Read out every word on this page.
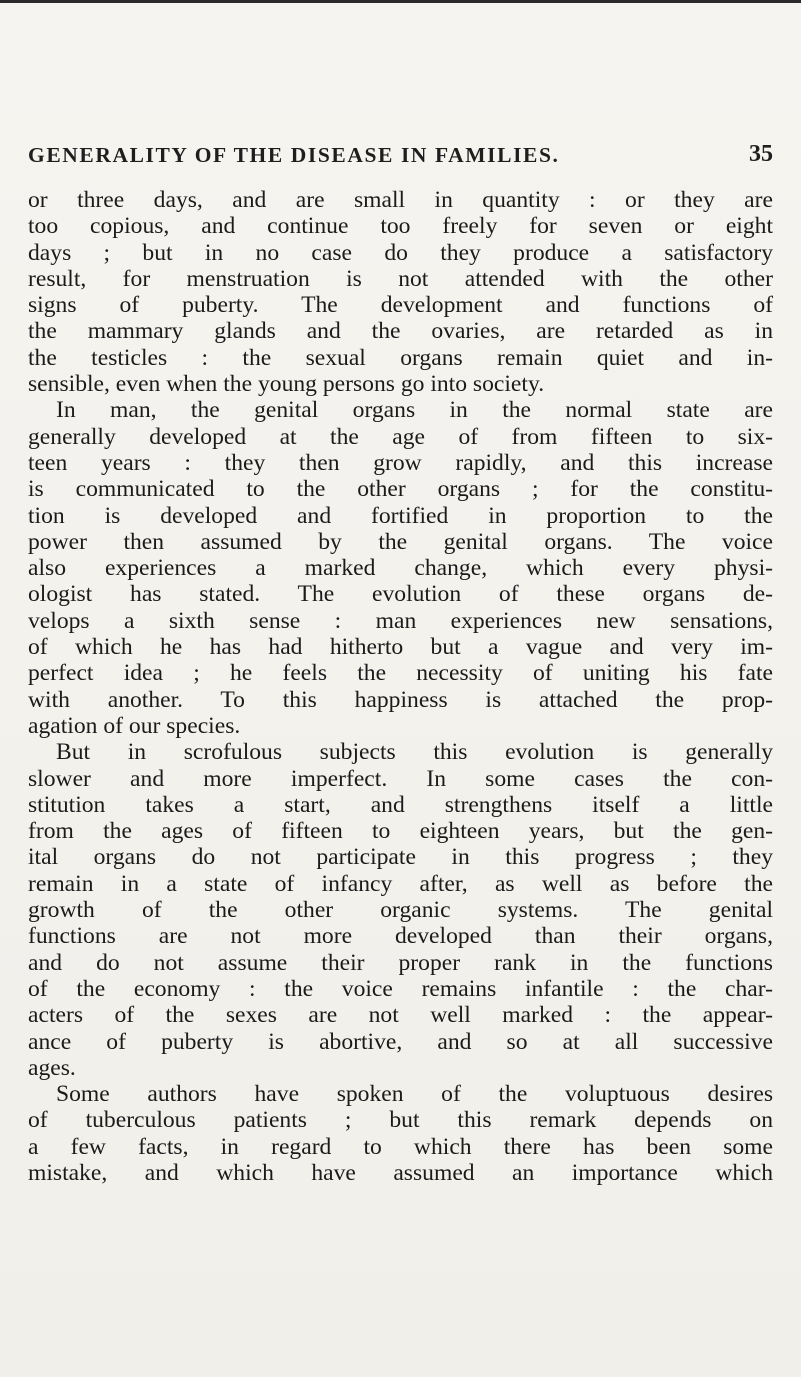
GENERALITY OF THE DISEASE IN FAMILIES.	35
or three days, and are small in quantity : or they are
too copious, and continue too freely for seven or eight
days ; but in no case do they produce a satisfactory
result, for menstruation is not attended with the other
signs of puberty. The development and functions of
the mammary glands and the ovaries, are retarded as in
the testicles : the sexual organs remain quiet and in-
sensible, even when the young persons go into society.
In man, the genital organs in the normal state are
generally developed at the age of from fifteen to six-
teen years : they then grow rapidly, and this increase
is communicated to the other organs ; for the constitu-
tion is developed and fortified in proportion to the
power then assumed by the genital organs. The voice
also experiences a marked change, which every physi-
ologist has stated. The evolution of these organs de-
velops a sixth sense : man experiences new sensations,
of which he has had hitherto but a vague and very im-
perfect idea ; he feels the necessity of uniting his fate
with another. To this happiness is attached the prop-
agation of our species.
But in scrofulous subjects this evolution is generally
slower and more imperfect. In some cases the con-
stitution takes a start, and strengthens itself a little
from the ages of fifteen to eighteen years, but the gen-
ital organs do not participate in this progress ; they
remain in a state of infancy after, as well as before the
growth of the other organic systems. The genital
functions are not more developed than their organs,
and do not assume their proper rank in the functions
of the economy : the voice remains infantile : the char-
acters of the sexes are not well marked : the appear-
ance of puberty is abortive, and so at all successive
ages.
Some authors have spoken of the voluptuous desires
of tuberculous patients ; but this remark depends on
a few facts, in regard to which there has been some
mistake, and which have assumed an importance which
